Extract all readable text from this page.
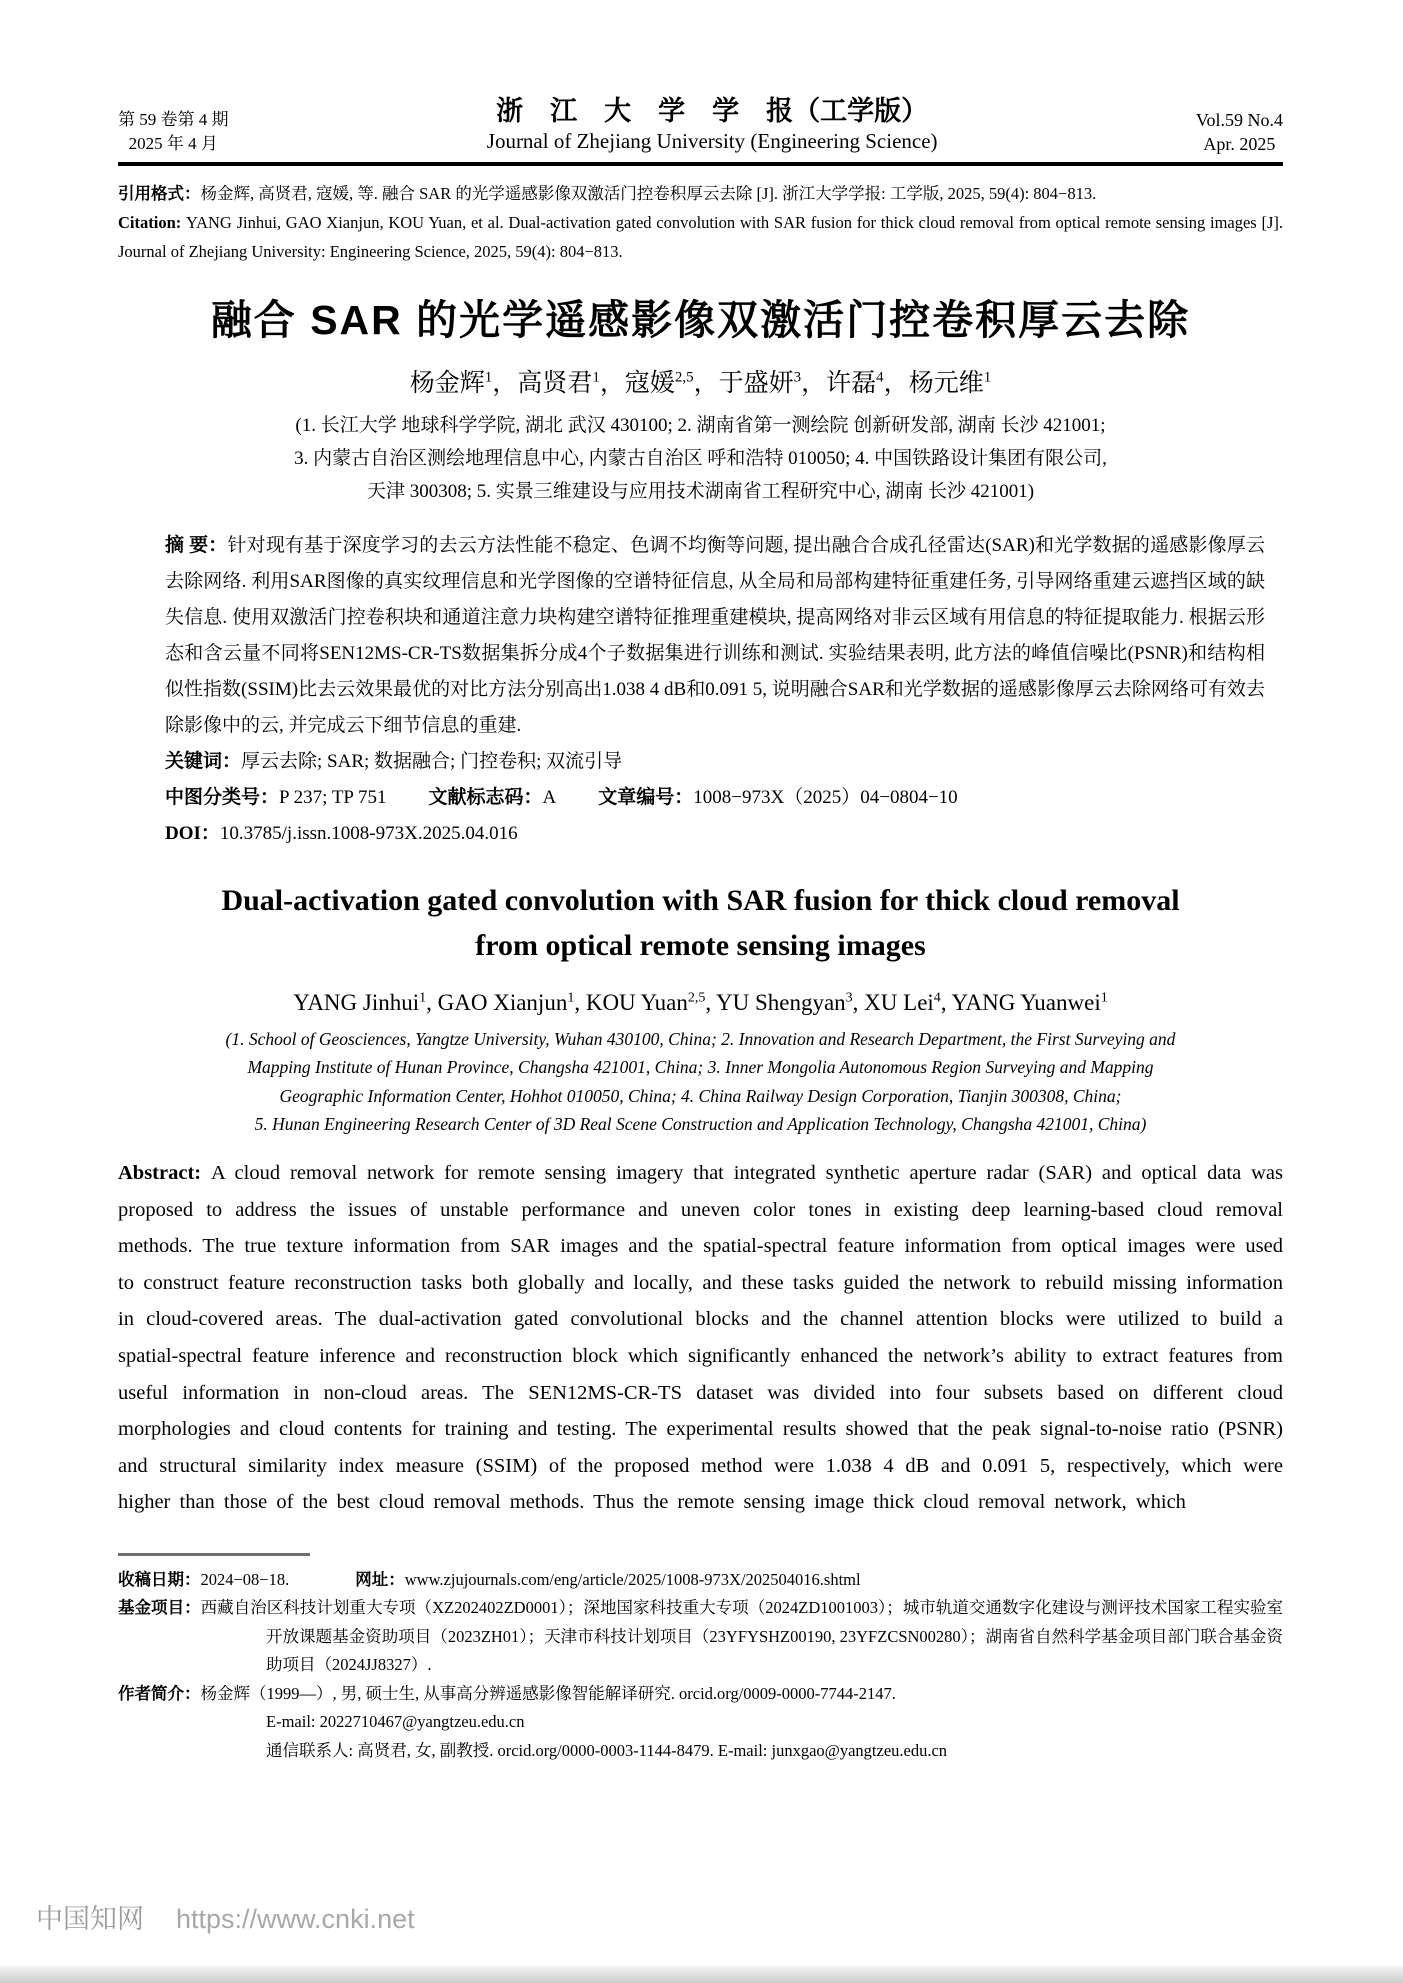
第 59 卷第 4 期
2025 年 4 月
浙　江　大　学　学　报（工学版）
Journal of Zhejiang University (Engineering Science)
Vol.59 No.4
Apr. 2025
引用格式：杨金辉, 高贤君, 寇媛, 等. 融合 SAR 的光学遥感影像双激活门控卷积厚云去除 [J]. 浙江大学学报: 工学版, 2025, 59(4): 804−813.
Citation: YANG Jinhui, GAO Xianjun, KOU Yuan, et al. Dual-activation gated convolution with SAR fusion for thick cloud removal from optical remote sensing images [J]. Journal of Zhejiang University: Engineering Science, 2025, 59(4): 804−813.
融合 SAR 的光学遥感影像双激活门控卷积厚云去除
杨金辉$^1$，高贤君$^1$，寇媛$^{2,5}$，于盛妍$^3$，许磊$^4$，杨元维$^1$
(1. 长江大学 地球科学学院, 湖北 武汉 430100; 2. 湖南省第一测绘院 创新研发部, 湖南 长沙 421001;
3. 内蒙古自治区测绘地理信息中心, 内蒙古自治区 呼和浩特 010050; 4. 中国铁路设计集团有限公司,
天津 300308; 5. 实景三维建设与应用技术湖南省工程研究中心, 湖南 长沙 421001)
摘 要：针对现有基于深度学习的去云方法性能不稳定、色调不均衡等问题, 提出融合合成孔径雷达(SAR)和光学数据的遥感影像厚云去除网络. 利用SAR图像的真实纹理信息和光学图像的空谱特征信息, 从全局和局部构建特征重建任务, 引导网络重建云遮挡区域的缺失信息. 使用双激活门控卷积块和通道注意力块构建空谱特征推理重建模块, 提高网络对非云区域有用信息的特征提取能力. 根据云形态和含云量不同将SEN12MS-CR-TS数据集拆分成4个子数据集进行训练和测试. 实验结果表明, 此方法的峰值信噪比(PSNR)和结构相似性指数(SSIM)比去云效果最优的对比方法分别高出1.038 4 dB和0.091 5, 说明融合SAR和光学数据的遥感影像厚云去除网络可有效去除影像中的云, 并完成云下细节信息的重建.
关键词：厚云去除; SAR; 数据融合; 门控卷积; 双流引导
中图分类号：P 237; TP 751 文献标志码：A 文章编号：1008−973X（2025）04−0804−10
DOI：10.3785/j.issn.1008-973X.2025.04.016
Dual-activation gated convolution with SAR fusion for thick cloud removal from optical remote sensing images
YANG Jinhui$^1$, GAO Xianjun$^1$, KOU Yuan$^{2,5}$, YU Shengyan$^3$, XU Lei$^4$, YANG Yuanwei$^1$
(1. School of Geosciences, Yangtze University, Wuhan 430100, China; 2. Innovation and Research Department, the First Surveying and
Mapping Institute of Hunan Province, Changsha 421001, China; 3. Inner Mongolia Autonomous Region Surveying and Mapping
Geographic Information Center, Hohhot 010050, China; 4. China Railway Design Corporation, Tianjin 300308, China;
5. Hunan Engineering Research Center of 3D Real Scene Construction and Application Technology, Changsha 421001, China)
Abstract: A cloud removal network for remote sensing imagery that integrated synthetic aperture radar (SAR) and optical data was proposed to address the issues of unstable performance and uneven color tones in existing deep learning-based cloud removal methods. The true texture information from SAR images and the spatial-spectral feature information from optical images were used to construct feature reconstruction tasks both globally and locally, and these tasks guided the network to rebuild missing information in cloud-covered areas. The dual-activation gated convolutional blocks and the channel attention blocks were utilized to build a spatial-spectral feature inference and reconstruction block which significantly enhanced the network’s ability to extract features from useful information in non-cloud areas. The SEN12MS-CR-TS dataset was divided into four subsets based on different cloud morphologies and cloud contents for training and testing. The experimental results showed that the peak signal-to-noise ratio (PSNR) and structural similarity index measure (SSIM) of the proposed method were 1.038 4 dB and 0.091 5, respectively, which were higher than those of the best cloud removal methods. Thus the remote sensing image thick cloud removal network, which
收稿日期：2024−08−18.	网址：www.zjujournals.com/eng/article/2025/1008-973X/202504016.shtml
基金项目：西藏自治区科技计划重大专项（XZ202402ZD0001）；深地国家科技重大专项（2024ZD1001003）；城市轨道交通数字化建设与测评技术国家工程实验室开放课题基金资助项目（2023ZH01）；天津市科技计划项目（23YFYSHZ00190, 23YFZCSN00280）；湖南省自然科学基金项目部门联合基金资助项目（2024JJ8327）.
作者简介：杨金辉（1999—）, 男, 硕士生, 从事高分辨遥感影像智能解译研究. orcid.org/0009-0000-7744-2147.
E-mail: 2022710467@yangtzeu.edu.cn
通信联系人: 高贤君, 女, 副教授. orcid.org/0000-0003-1144-8479. E-mail: junxgao@yangtzeu.edu.cn
中国知网 https://www.cnki.net
